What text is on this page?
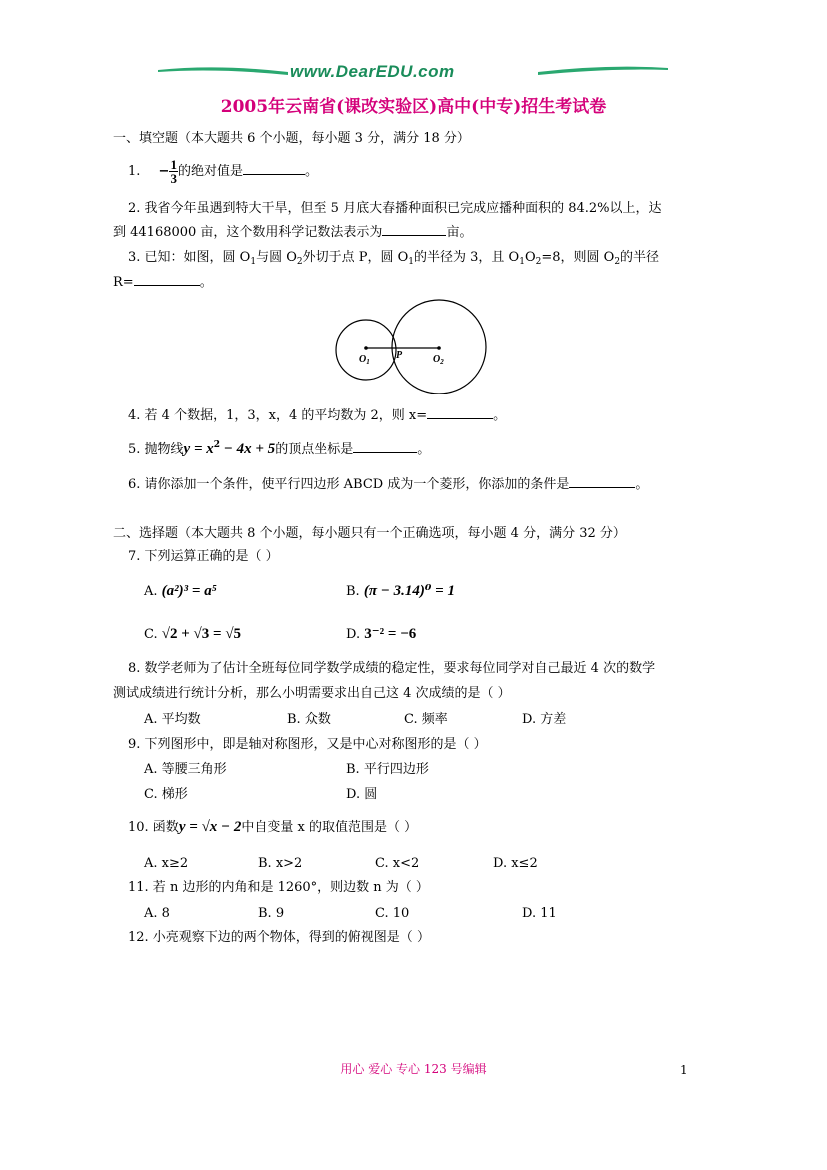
www.DearEDU.com
2005年云南省(课改实验区)高中(中专)招生考试卷
一、填空题（本大题共 6 个小题，每小题 3 分，满分 18 分）
1. − $\frac{1}{3}$ 的绝对值是	。
2. 我省今年虽遇到特大干旱，但至 5 月底大春播种面积已完成应播种面积的 84.2%以上，达
到 44168000 亩，这个数用科学记数法表示为	亩。
3. 已知：如图，圆 $O_1$与圆 $O_2$外切于点 P，圆 $O_1$的半径为 3，且 $O_1O_2=8$，则圆 $O_2$的半径
R=	。
$O_1$
P	$O_2$
4. 若 4 个数据，1，3，x，4 的平均数为 2，则 x=	。
5. 抛物线$y = x^2 - 4x + 5$的顶点坐标是	。
6. 请你添加一个条件，使平行四边形 ABCD 成为一个菱形，你添加的条件是	。
二、选择题（本大题共 8 个小题，每小题只有一个正确选项，每小题 4 分，满分 32 分）
7. 下列运算正确的是（ ）
A. (a²)³ = a⁵	B. (π − 3.14)⁰ = 1
C. √2 + √3 = √5	D. 3⁻² = −6
8. 数学老师为了估计全班每位同学数学成绩的稳定性，要求每位同学对自己最近 4 次的数学
测试成绩进行统计分析，那么小明需要求出自己这 4 次成绩的是（ ）
A. 平均数	B. 众数	C. 频率	D. 方差
9. 下列图形中，即是轴对称图形，又是中心对称图形的是（ ）
A. 等腰三角形	B. 平行四边形
C. 梯形	D. 圆
10. 函数y = √x − 2中自变量 x 的取值范围是（ ）
A. x≥2	B. x>2	C. x<2	D. x≤2
11. 若 n 边形的内角和是 1260°，则边数 n 为（ ）
A. 8	B. 9	C. 10	D. 11
12. 小亮观察下边的两个物体，得到的俯视图是（ ）
用心 爱心 专心 123 号编辑	1
